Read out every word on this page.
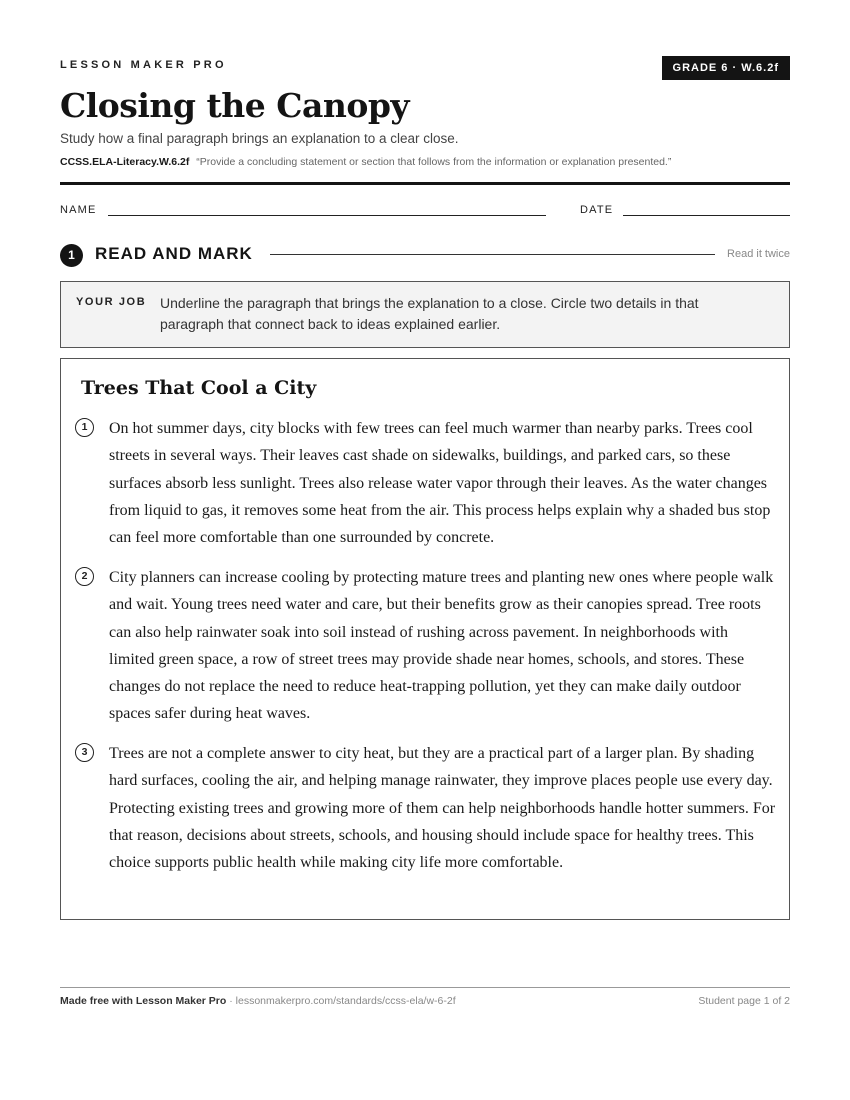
LESSON MAKER PRO	GRADE 6 · W.6.2f
Closing the Canopy
Study how a final paragraph brings an explanation to a clear close.
CCSS.ELA-Literacy.W.6.2f “Provide a concluding statement or section that follows from the information or explanation presented.”
NAME	DATE
1	READ AND MARK	Read it twice
YOUR JOB Underline the paragraph that brings the explanation to a close. Circle two details in that paragraph that connect back to ideas explained earlier.
Trees That Cool a City
1	On hot summer days, city blocks with few trees can feel much warmer than nearby parks. Trees cool streets in several ways. Their leaves cast shade on sidewalks, buildings, and parked cars, so these surfaces absorb less sunlight. Trees also release water vapor through their leaves. As the water changes from liquid to gas, it removes some heat from the air. This process helps explain why a shaded bus stop can feel more comfortable than one surrounded by concrete.
2	City planners can increase cooling by protecting mature trees and planting new ones where people walk and wait. Young trees need water and care, but their benefits grow as their canopies spread. Tree roots can also help rainwater soak into soil instead of rushing across pavement. In neighborhoods with limited green space, a row of street trees may provide shade near homes, schools, and stores. These changes do not replace the need to reduce heat-trapping pollution, yet they can make daily outdoor spaces safer during heat waves.
3	Trees are not a complete answer to city heat, but they are a practical part of a larger plan. By shading hard surfaces, cooling the air, and helping manage rainwater, they improve places people use every day. Protecting existing trees and growing more of them can help neighborhoods handle hotter summers. For that reason, decisions about streets, schools, and housing should include space for healthy trees. This choice supports public health while making city life more comfortable.
Made free with Lesson Maker Pro · lessonmakerpro.com/standards/ccss-ela/w-6-2f	Student page 1 of 2
